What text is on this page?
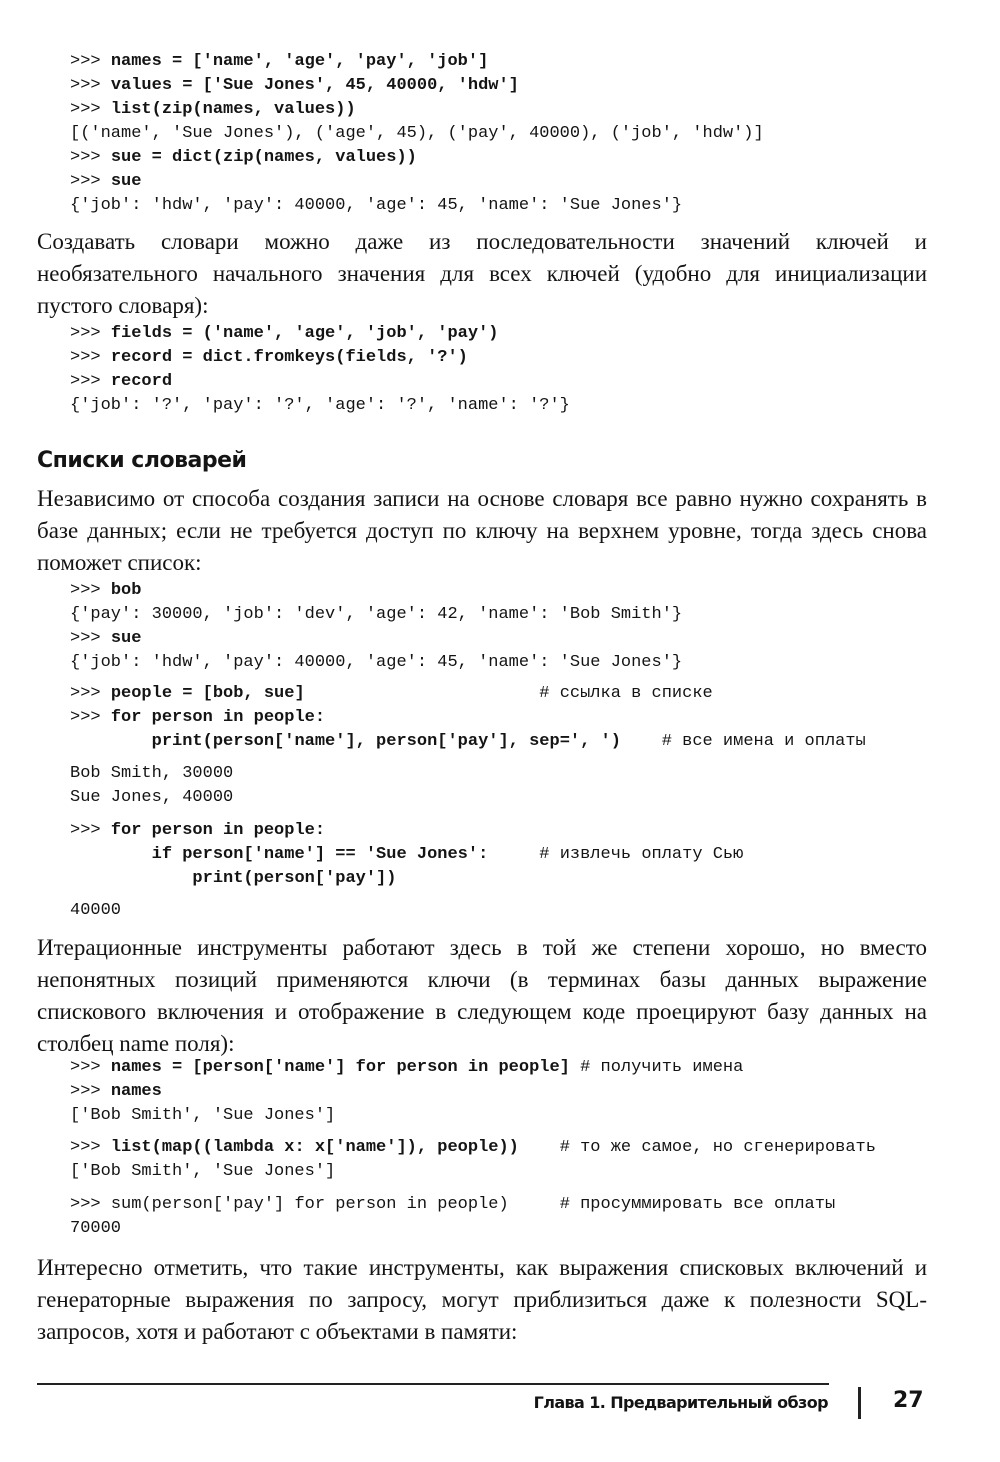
>>> names = ['name', 'age', 'pay', 'job']
>>> values = ['Sue Jones', 45, 40000, 'hdw']
>>> list(zip(names, values))
[('name', 'Sue Jones'), ('age', 45), ('pay', 40000), ('job', 'hdw')]
>>> sue = dict(zip(names, values))
>>> sue
{'job': 'hdw', 'pay': 40000, 'age': 45, 'name': 'Sue Jones'}

Создавать словари можно даже из последовательности значений ключей и необязательного начального значения для всех ключей (удобно для инициализации пустого словаря):

>>> fields = ('name', 'age', 'job', 'pay')
>>> record = dict.fromkeys(fields, '?')
>>> record
{'job': '?', 'pay': '?', 'age': '?', 'name': '?'}
Списки словарей

Независимо от способа создания записи на основе словаря все равно нужно сохранять в базе данных; если не требуется доступ по ключу на верхнем уровне, тогда здесь снова поможет список:

>>> bob
{'pay': 30000, 'job': 'dev', 'age': 42, 'name': 'Bob Smith'}
>>> sue
{'job': 'hdw', 'pay': 40000, 'age': 45, 'name': 'Sue Jones'}
>>> people = [bob, sue]	# ссылка в списке
>>> for person in people:
print(person['name'], person['pay'], sep=', ') # все имена и оплаты
Bob Smith, 30000
Sue Jones, 40000
>>> for person in people:
if person['name'] == 'Sue Jones':	# извлечь оплату Сью
print(person['pay'])
40000

Итерационные инструменты работают здесь в той же степени хорошо, но вместо непонятных позиций применяются ключи (в терминах базы данных выражение спискового включения и отображение в следующем коде проецируют базу данных на столбец name поля):

>>> names = [person['name'] for person in people] # получить имена
>>> names
['Bob Smith', 'Sue Jones']
>>> list(map((lambda x: x['name']), people)) # то же самое, но сгенерировать
['Bob Smith', 'Sue Jones']
>>> sum(person['pay'] for person in people)	# просуммировать все оплаты
70000

Интересно отметить, что такие инструменты, как выражения списковых включений и генераторные выражения по запросу, могут приблизиться даже к полезности SQL-запросов, хотя и работают с объектами в памяти:

Глава 1. Предварительный обзор	27
